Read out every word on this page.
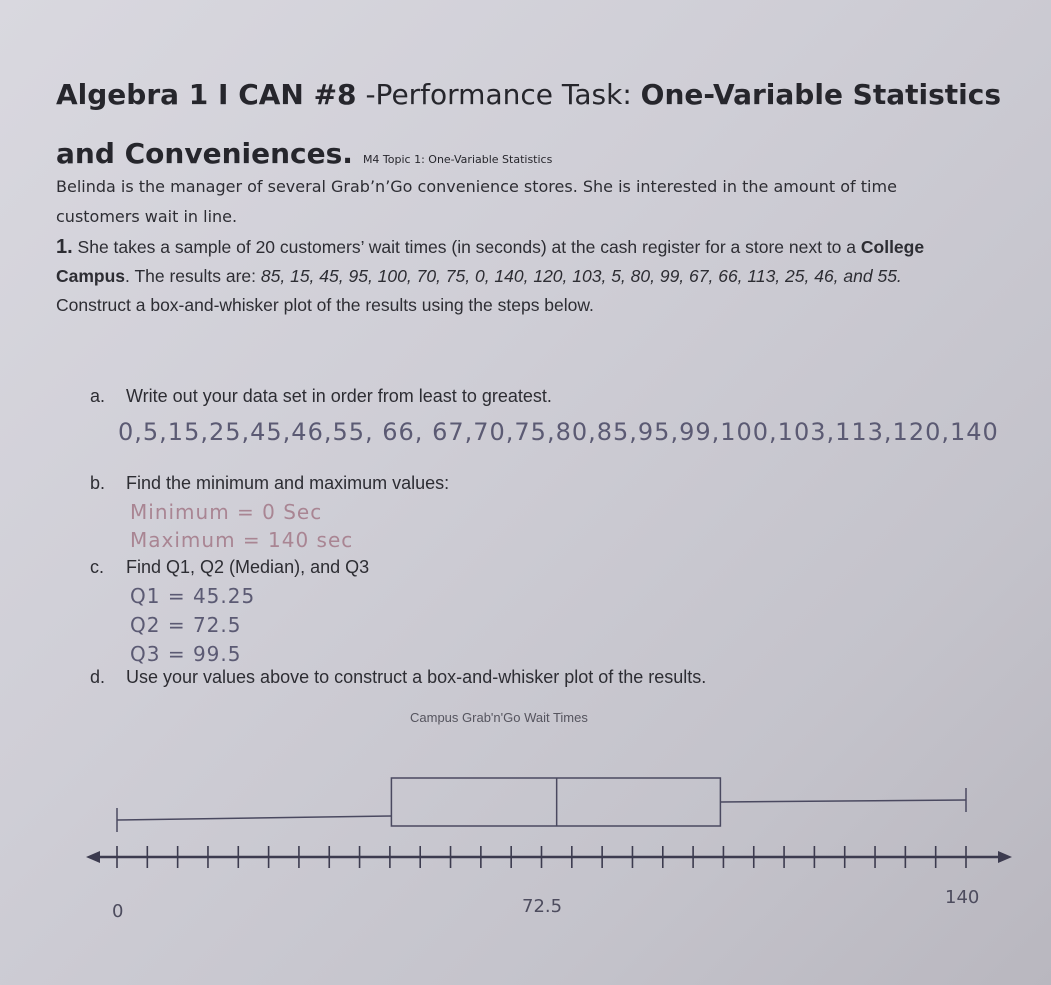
Algebra 1 I CAN #8 -Performance Task: One-Variable Statistics
and Conveniences. M4 Topic 1: One-Variable Statistics
Belinda is the manager of several Grab’n’Go convenience stores. She is interested in the amount of time customers wait in line.
1. She takes a sample of 20 customers’ wait times (in seconds) at the cash register for a store next to a College Campus. The results are: 85, 15, 45, 95, 100, 70, 75, 0, 140, 120, 103, 5, 80, 99, 67, 66, 113, 25, 46, and 55. Construct a box-and-whisker plot of the results using the steps below.
a. Write out your data set in order from least to greatest.
0,5,15,25,45,46,55, 66, 67,70,75,80,85,95,99,100,103,113,120,140
b. Find the minimum and maximum values:
Minimum = 0 Sec
Maximum = 140 sec
c. Find Q1, Q2 (Median), and Q3
Q1 = 45.25
Q2 = 72.5
Q3 = 99.5
d. Use your values above to construct a box-and-whisker plot of the results.
Campus Grab'n'Go Wait Times
0	72.5	140
